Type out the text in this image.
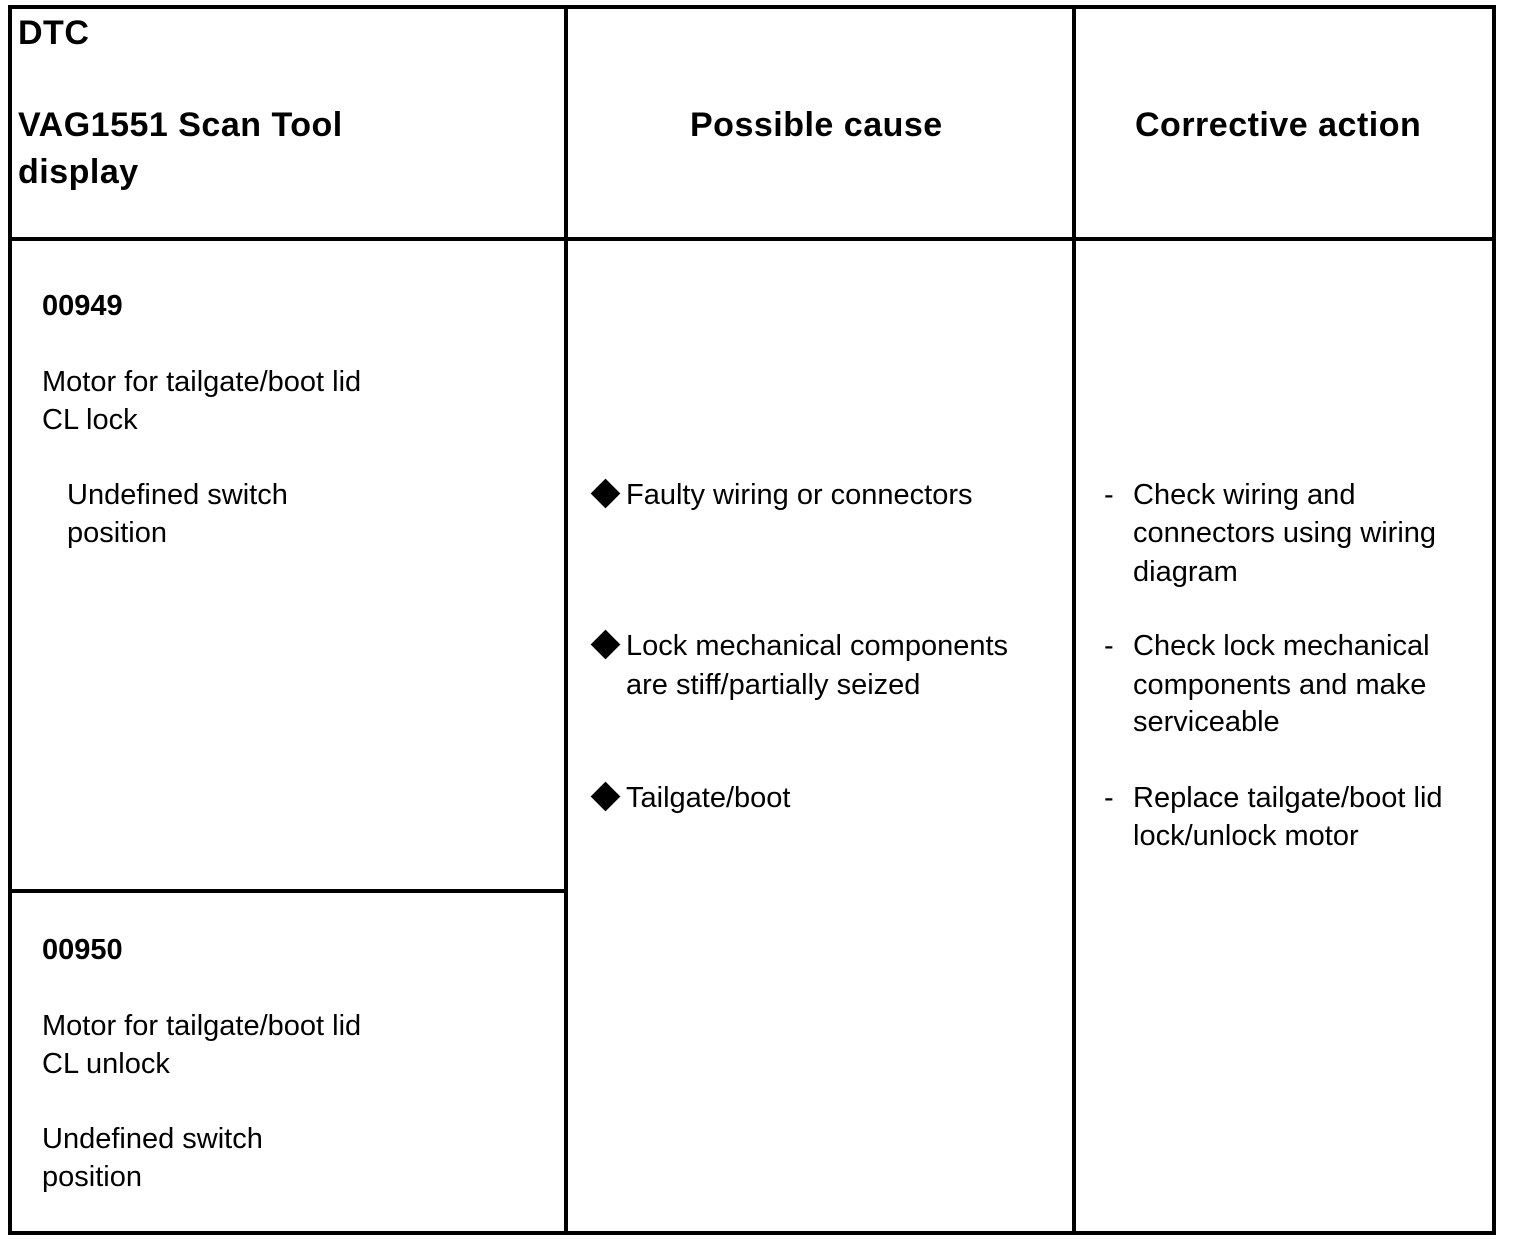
DTC
VAG1551 Scan Tool
display
Possible cause	Corrective action
00949
Motor for tailgate/boot lid
CL lock
Undefined switch
position
00950
Motor for tailgate/boot lid
CL unlock
Undefined switch
position
Faulty wiring or connectors
Lock mechanical components
are stiff/partially seized
Tailgate/boot
- Check wiring and
connectors using wiring
diagram
- Check lock mechanical
components and make
serviceable
- Replace tailgate/boot lid
lock/unlock motor
